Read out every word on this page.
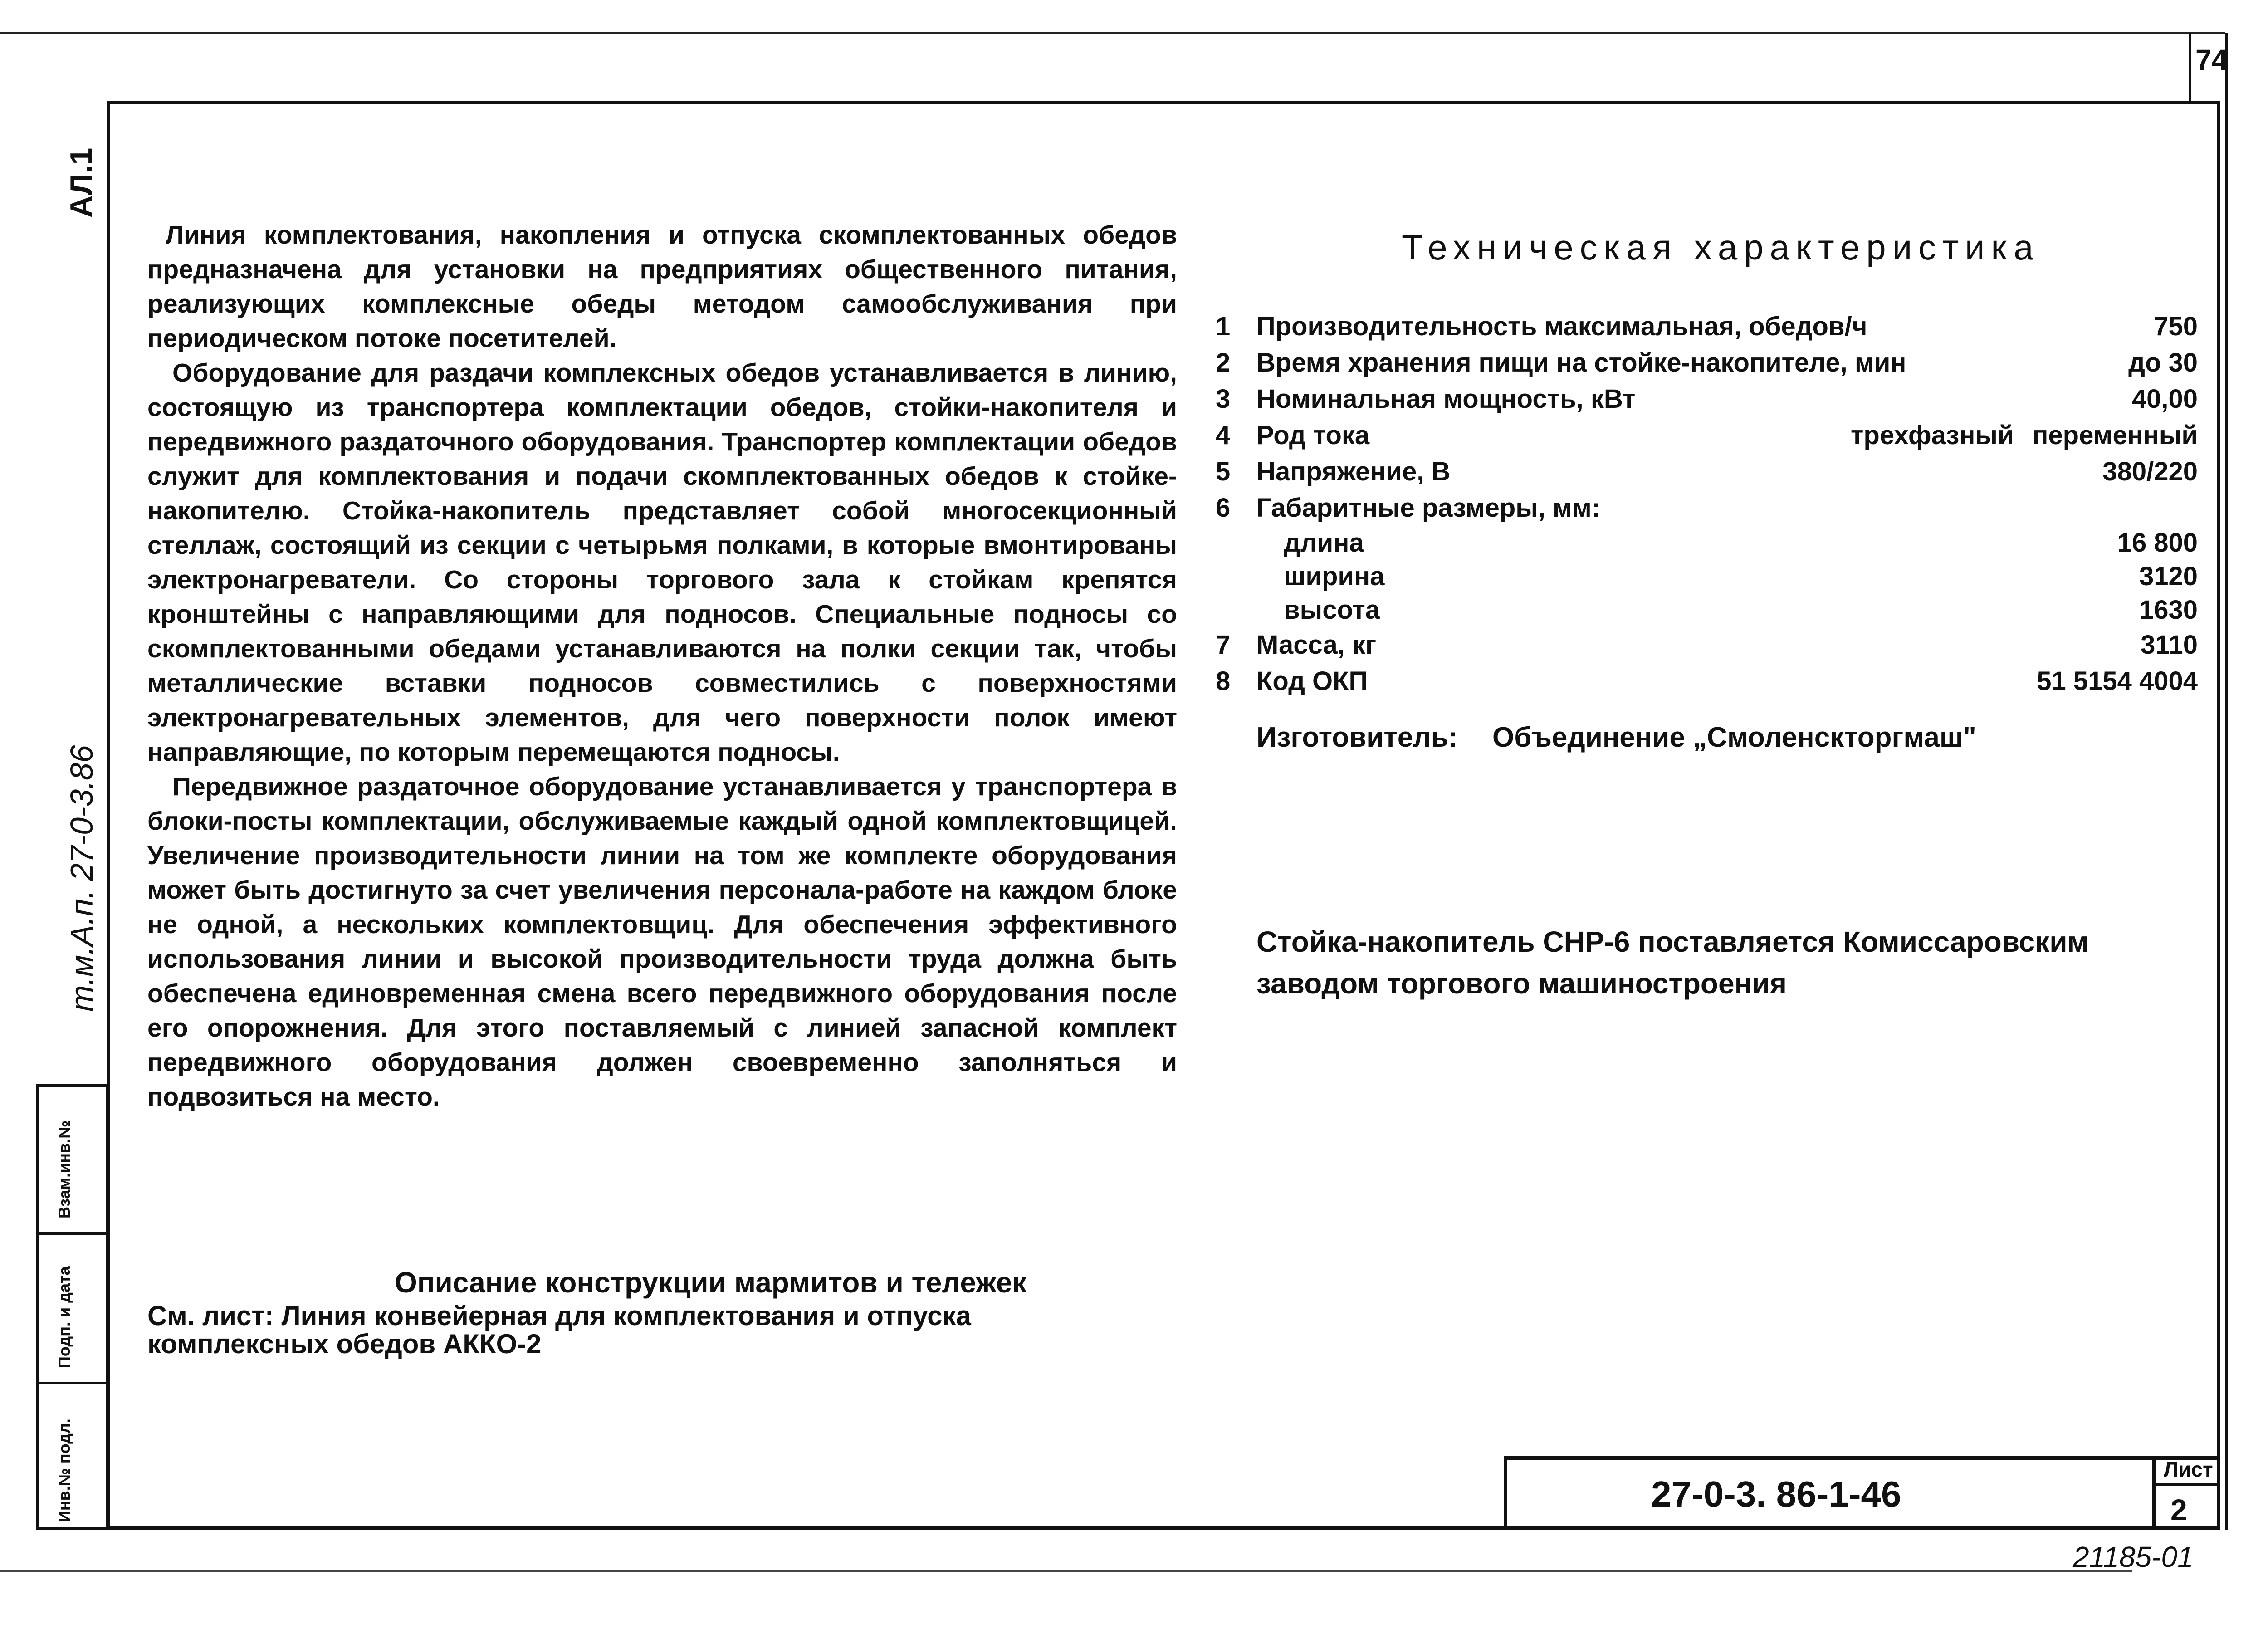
74
АЛ.1
т.м.А.п. 27-0-3.86
Взам.инв.№
Подп. и дата
Инв.№ подл.

Линия комплектования, накопления и отпуска скомплектованных обедов предназначена для установки на предприятиях общественного питания, реализующих комплексные обеды методом самообслуживания при периодическом потоке посетителей.

Оборудование для раздачи комплексных обедов устанавливается в линию, состоящую из транспортера комплектации обедов, стойки-накопителя и передвижного раздаточного оборудования. Транспортер комплектации обедов служит для комплектования и подачи скомплектованных обедов к стойке-накопителю. Стойка-накопитель представляет собой многосекционный стеллаж, состоящий из секции с четырьмя полками, в которые вмонтированы электронагреватели. Со стороны торгового зала к стойкам крепятся кронштейны с направляющими для подносов. Специальные подносы со скомплектованными обедами устанавливаются на полки секции так, чтобы металлические вставки подносов совместились с поверхностями электронагревательных элементов, для чего поверхности полок имеют направляющие, по которым перемещаются подносы.

Передвижное раздаточное оборудование устанавливается у транспортера в блоки-посты комплектации, обслуживаемые каждый одной комплектовщицей. Увеличение производительности линии на том же комплекте оборудования может быть достигнуто за счет увеличения персонала-работе на каждом блоке не одной, а нескольких комплектовщиц. Для обеспечения эффективного использования линии и высокой производительности труда должна быть обеспечена единовременная смена всего передвижного оборудования после его опорожнения. Для этого поставляемый с линией запасной комплект передвижного оборудования должен своевременно заполняться и подвозиться на место.

Описание конструкции мармитов и тележек
См. лист: Линия конвейерная для комплектования и отпуска комплексных обедов АККО-2
Техническая характеристика
1 Производительность максимальная, обедов/ч	750
2 Время хранения пищи на стойке-накопителе, мин	до 30
3 Номинальная мощность, кВт	40,00
4 Род тока	трехфазный переменный
5 Напряжение, В	380/220
6 Габаритные размеры, мм:
длина	16 800
ширина	3120
высота	1630
7 Масса, кг	3110
8 Код ОКП	51 5154 4004
Изготовитель: Объединение „Смоленскторгмаш"
Стойка-накопитель СНР-6 поставляется Комиссаровским заводом торгового машиностроения
27-0-3. 86-1-46
Лист
2
21185-01
